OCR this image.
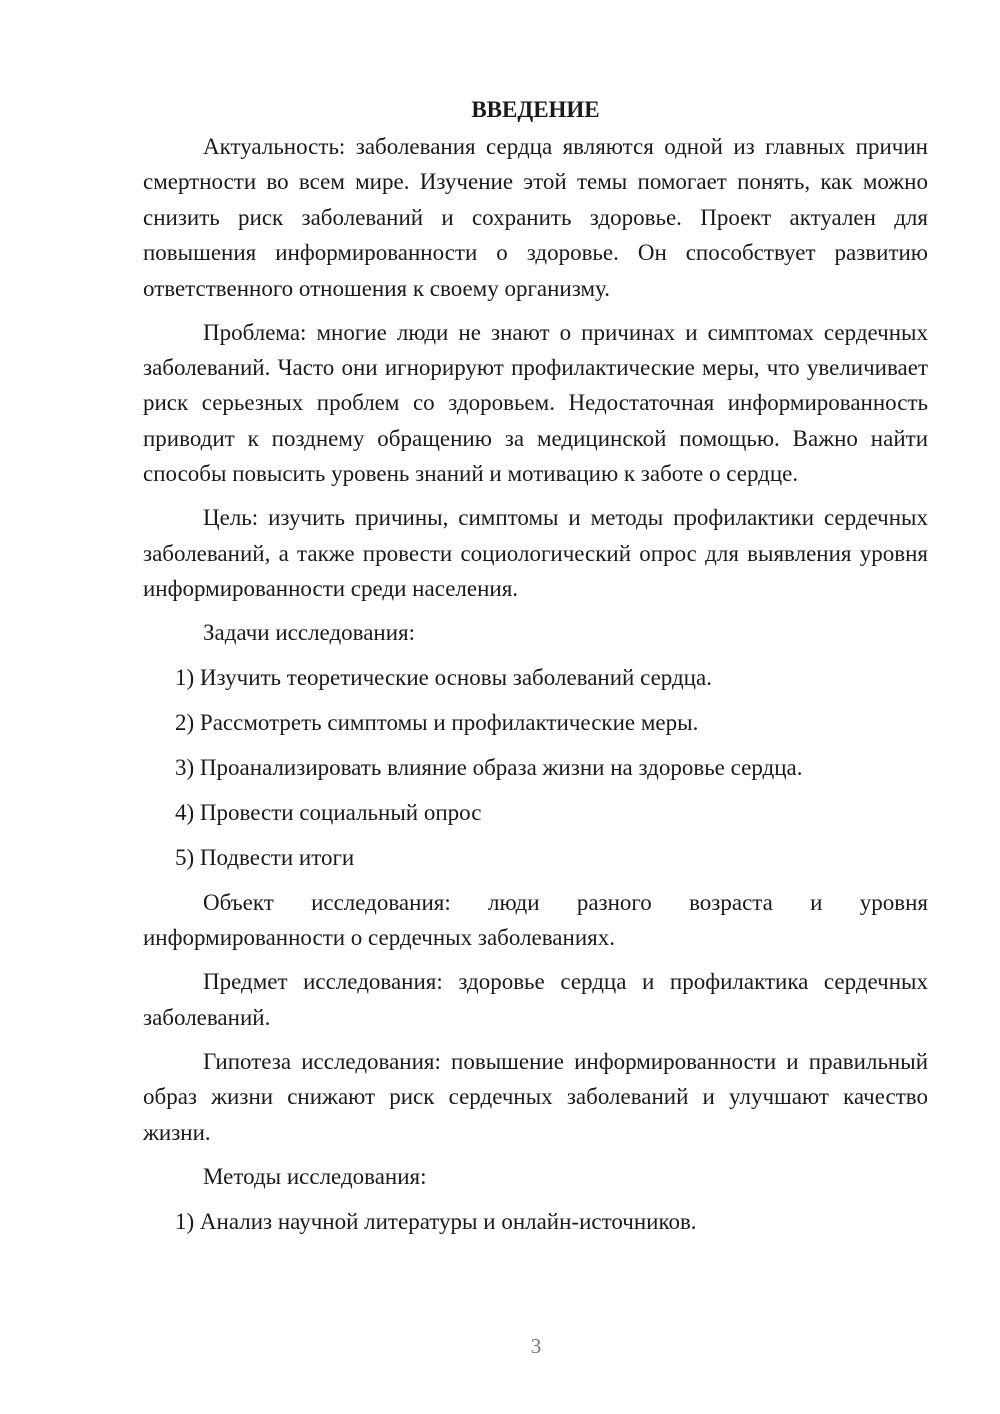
ВВЕДЕНИЕ

Актуальность: заболевания сердца являются одной из главных причин смертности во всем мире. Изучение этой темы помогает понять, как можно снизить риск заболеваний и сохранить здоровье. Проект актуален для повышения информированности о здоровье. Он способствует развитию ответственного отношения к своему организму.

Проблема: многие люди не знают о причинах и симптомах сердечных заболеваний. Часто они игнорируют профилактические меры, что увеличивает риск серьезных проблем со здоровьем. Недостаточная информированность приводит к позднему обращению за медицинской помощью. Важно найти способы повысить уровень знаний и мотивацию к заботе о сердце.

Цель: изучить причины, симптомы и методы профилактики сердечных заболеваний, а также провести социологический опрос для выявления уровня информированности среди населения.

Задачи исследования:

1) Изучить теоретические основы заболеваний сердца.

2) Рассмотреть симптомы и профилактические меры.

3) Проанализировать влияние образа жизни на здоровье сердца.

4) Провести социальный опрос

5) Подвести итоги

Объект исследования: люди разного возраста и уровня информированности о сердечных заболеваниях.

Предмет исследования: здоровье сердца и профилактика сердечных заболеваний.

Гипотеза исследования: повышение информированности и правильный образ жизни снижают риск сердечных заболеваний и улучшают качество жизни.

Методы исследования:

1) Анализ научной литературы и онлайн-источников.

3
